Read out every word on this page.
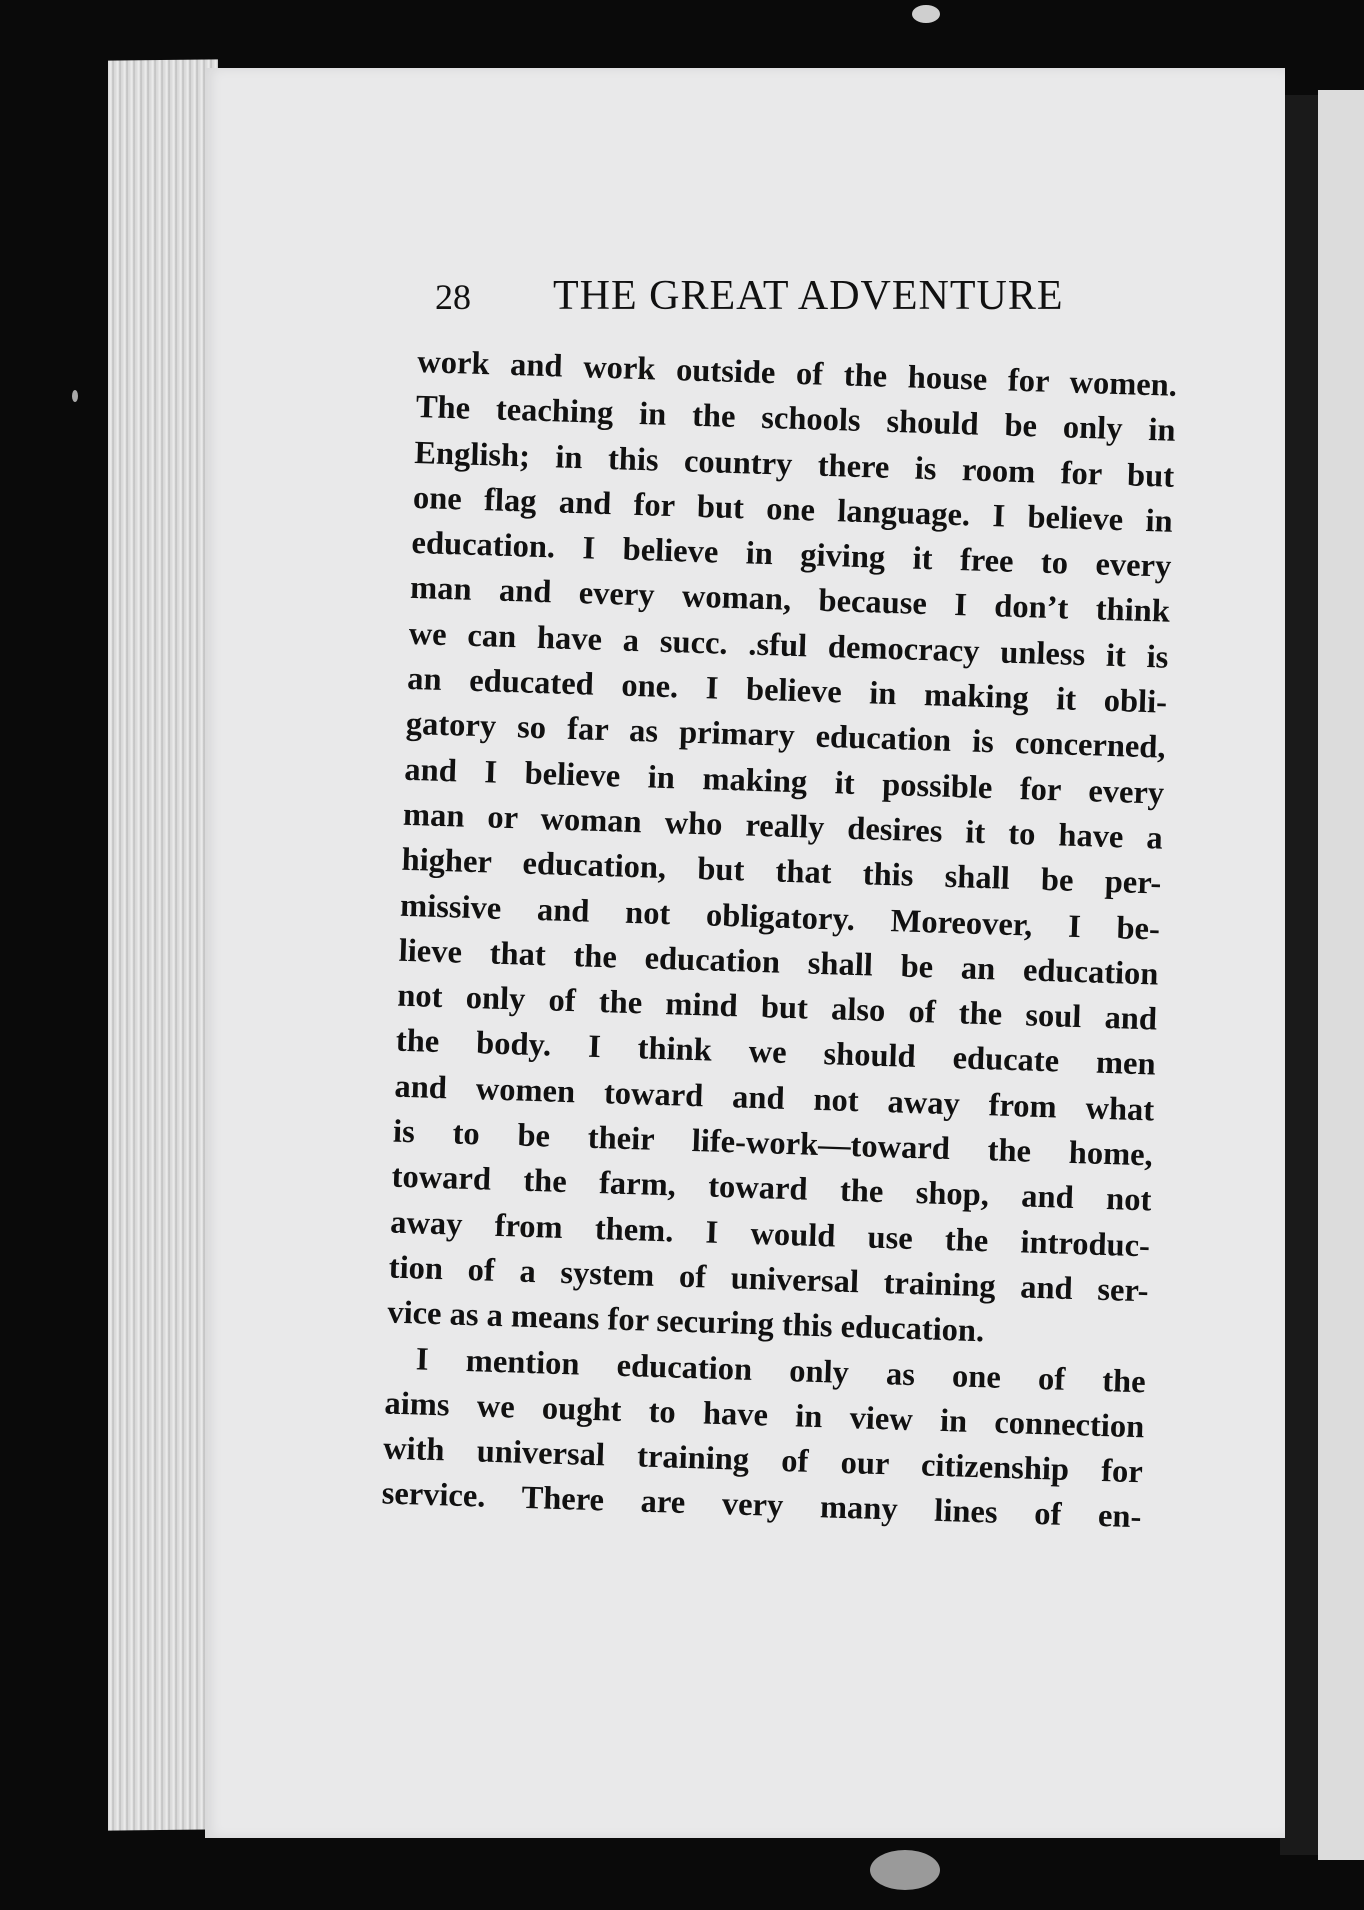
28 THE GREAT ADVENTURE
work and work outside of the house for women.
The teaching in the schools should be only in
English; in this country there is room for but
one flag and for but one language. I believe in
education. I believe in giving it free to every
man and every woman, because I don’t think
we can have a succ. .sful democracy unless it is
an educated one. I believe in making it obli-
gatory so far as primary education is concerned,
and I believe in making it possible for every
man or woman who really desires it to have a
higher education, but that this shall be per-
missive and not obligatory. Moreover, I be-
lieve that the education shall be an education
not only of the mind but also of the soul and
the body. I think we should educate men
and women toward and not away from what
is to be their life-work—toward the home,
toward the farm, toward the shop, and not
away from them. I would use the introduc-
tion of a system of universal training and ser-
vice as a means for securing this education.
I mention education only as one of the
aims we ought to have in view in connection
with universal training of our citizenship for
service. There are very many lines of en-
